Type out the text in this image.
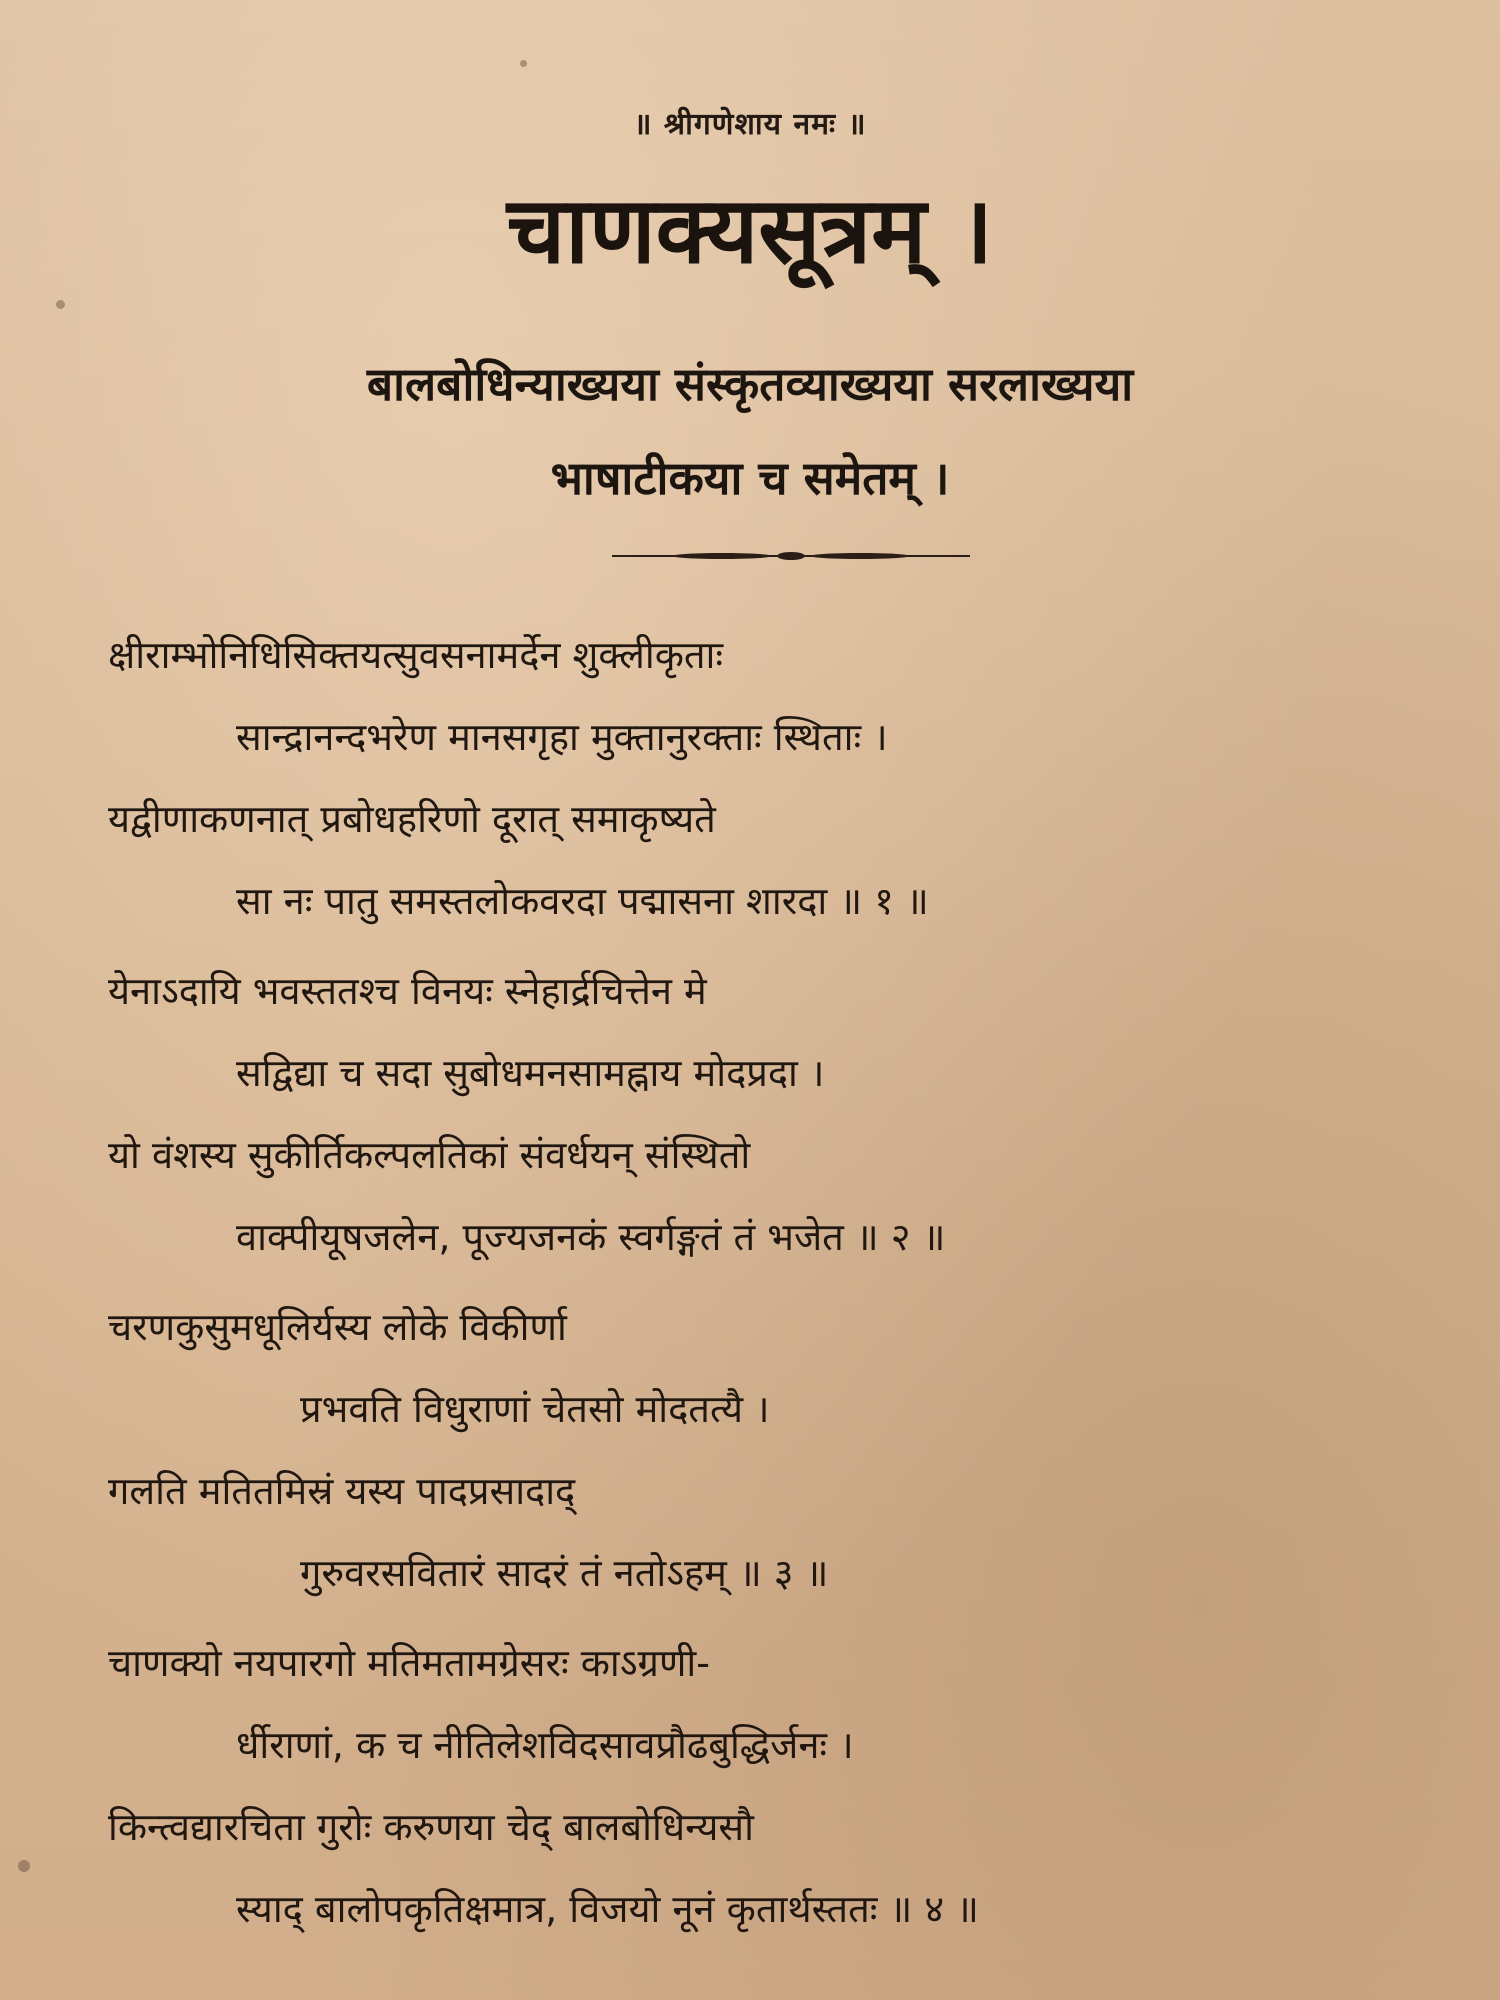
॥ श्रीगणेशाय नमः ॥
चाणक्यसूत्रम् ।
बालबोधिन्याख्यया संस्कृतव्याख्यया सरलाख्यया
भाषाटीकया च समेतम् ।
क्षीराम्भोनिधिसिक्तयत्सुवसनामर्देन शुक्लीकृताः
सान्द्रानन्दभरेण मानसगृहा मुक्तानुरक्ताः स्थिताः ।
यद्वीणाकणनात् प्रबोधहरिणो दूरात् समाकृष्यते
सा नः पातु समस्तलोकवरदा पद्मासना शारदा ॥ १ ॥
येनाऽदायि भवस्ततश्च विनयः स्नेहार्द्रचित्तेन मे
सद्विद्या च सदा सुबोधमनसामह्नाय मोदप्रदा ।
यो वंशस्य सुकीर्तिकल्पलतिकां संवर्धयन् संस्थितो
वाक्पीयूषजलेन, पूज्यजनकं स्वर्गङ्गतं तं भजेत ॥ २ ॥
चरणकुसुमधूलिर्यस्य लोके विकीर्णा
प्रभवति विधुराणां चेतसो मोदतत्यै ।
गलति मतितमिस्रं यस्य पादप्रसादाद्
गुरुवरसवितारं सादरं तं नतोऽहम् ॥ ३ ॥
चाणक्यो नयपारगो मतिमतामग्रेसरः काऽग्रणी-
र्धीराणां, क च नीतिलेशविदसावप्रौढबुद्धिर्जनः ।
किन्त्वद्यारचिता गुरोः करुणया चेद् बालबोधिन्यसौ
स्याद् बालोपकृतिक्षमात्र, विजयो नूनं कृतार्थस्ततः ॥ ४ ॥
